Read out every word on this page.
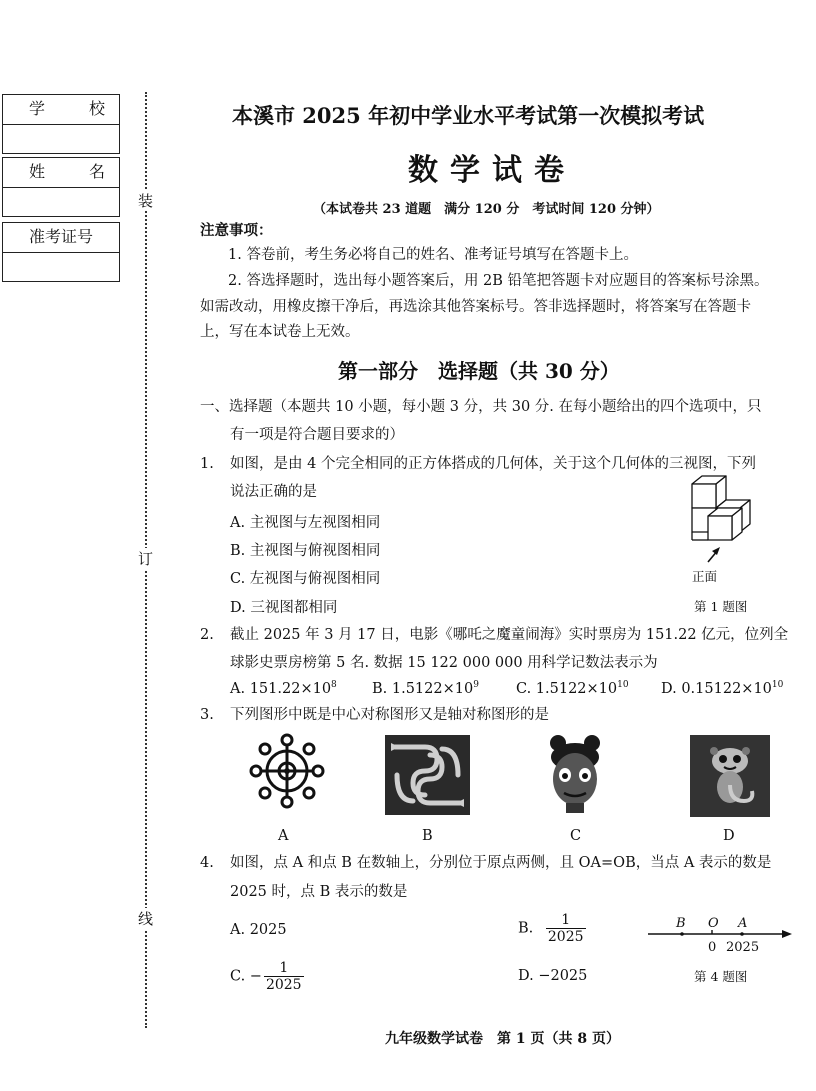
学	校
姓	名
准考证号
装
订
线
本溪市 2025 年初中学业水平考试第一次模拟考试
数学试卷
（本试卷共 23 道题　满分 120 分　考试时间 120 分钟）
注意事项：
1. 答卷前，考生务必将自己的姓名、准考证号填写在答题卡上。
2. 答选择题时，选出每小题答案后，用 2B 铅笔把答题卡对应题目的答案标号涂黑。
如需改动，用橡皮擦干净后，再选涂其他答案标号。答非选择题时，将答案写在答题卡
上，写在本试卷上无效。
第一部分　选择题（共 30 分）
一、选择题（本题共 10 小题，每小题 3 分，共 30 分. 在每小题给出的四个选项中，只
有一项是符合题目要求的）
1. 如图，是由 4 个完全相同的正方体搭成的几何体，关于这个几何体的三视图，下列
说法正确的是
A. 主视图与左视图相同
B. 主视图与俯视图相同
C. 左视图与俯视图相同
D. 三视图都相同
正面
第 1 题图
2. 截止 2025 年 3 月 17 日，电影《哪吒之魔童闹海》实时票房为 151.22 亿元，位列全
球影史票房榜第 5 名. 数据 15 122 000 000 用科学记数法表示为
A. $151.22\times 10^8$ B. $1.5122\times 10^9$	C. $1.5122\times 10^{10}$ D. $0.15122\times 10^{10}$
3. 下列图形中既是中心对称图形又是轴对称图形的是
A	B	C	D
4. 如图，点 A 和点 B 在数轴上，分别位于原点两侧，且 OA=OB，当点 A 表示的数是
2025 时，点 B 表示的数是
A. 2025	B. $\frac{1}{2025}$
C. − $\frac{1}{2025}$	D. −2025
B O A
0 2025
第 4 题图
九年级数学试卷　第 1 页（共 8 页）
